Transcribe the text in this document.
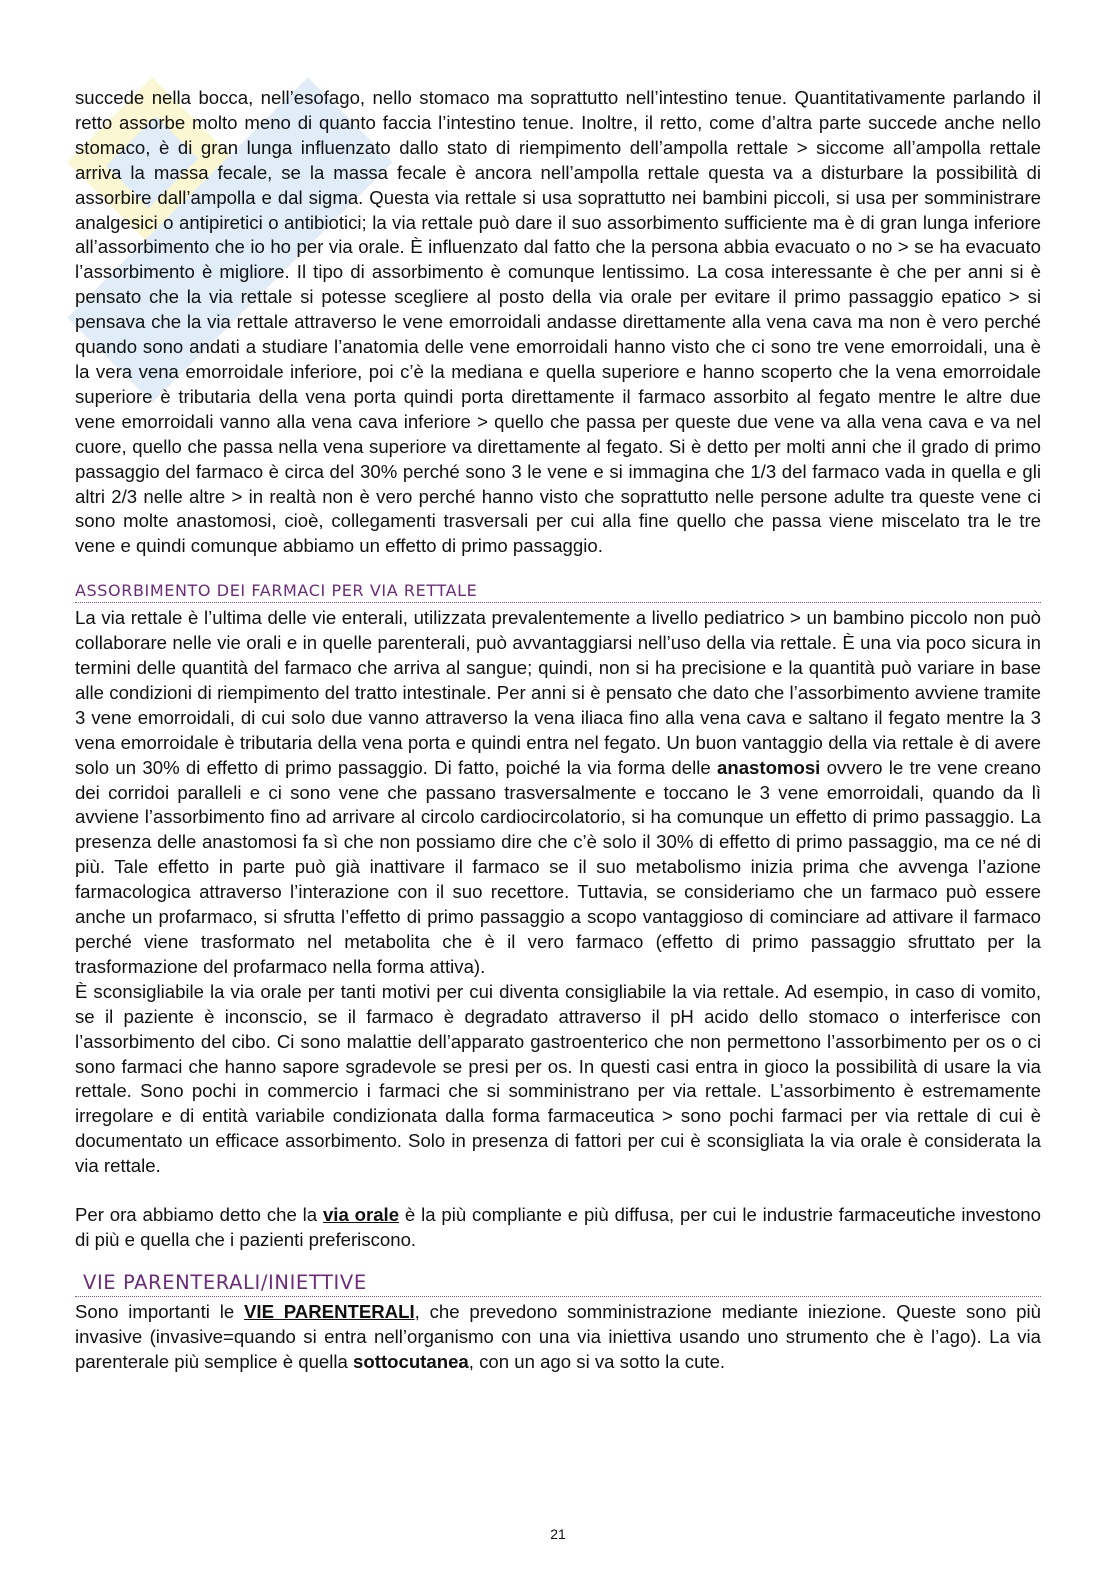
succede nella bocca, nell’esofago, nello stomaco ma soprattutto nell’intestino tenue. Quantitativamente parlando il retto assorbe molto meno di quanto faccia l’intestino tenue. Inoltre, il retto, come d’altra parte succede anche nello stomaco, è di gran lunga influenzato dallo stato di riempimento dell’ampolla rettale > siccome all’ampolla rettale arriva la massa fecale, se la massa fecale è ancora nell’ampolla rettale questa va a disturbare la possibilità di assorbire dall’ampolla e dal sigma. Questa via rettale si usa soprattutto nei bambini piccoli, si usa per somministrare analgesici o antipiretici o antibiotici; la via rettale può dare il suo assorbimento sufficiente ma è di gran lunga inferiore all’assorbimento che io ho per via orale. È influenzato dal fatto che la persona abbia evacuato o no > se ha evacuato l’assorbimento è migliore. Il tipo di assorbimento è comunque lentissimo. La cosa interessante è che per anni si è pensato che la via rettale si potesse scegliere al posto della via orale per evitare il primo passaggio epatico > si pensava che la via rettale attraverso le vene emorroidali andasse direttamente alla vena cava ma non è vero perché quando sono andati a studiare l’anatomia delle vene emorroidali hanno visto che ci sono tre vene emorroidali, una è la vera vena emorroidale inferiore, poi c’è la mediana e quella superiore e hanno scoperto che la vena emorroidale superiore è tributaria della vena porta quindi porta direttamente il farmaco assorbito al fegato mentre le altre due vene emorroidali vanno alla vena cava inferiore > quello che passa per queste due vene va alla vena cava e va nel cuore, quello che passa nella vena superiore va direttamente al fegato. Si è detto per molti anni che il grado di primo passaggio del farmaco è circa del 30% perché sono 3 le vene e si immagina che 1/3 del farmaco vada in quella e gli altri 2/3 nelle altre > in realtà non è vero perché hanno visto che soprattutto nelle persone adulte tra queste vene ci sono molte anastomosi, cioè, collegamenti trasversali per cui alla fine quello che passa viene miscelato tra le tre vene e quindi comunque abbiamo un effetto di primo passaggio.

ASSORBIMENTO DEI FARMACI PER VIA RETTALE

La via rettale è l’ultima delle vie enterali, utilizzata prevalentemente a livello pediatrico > un bambino piccolo non può collaborare nelle vie orali e in quelle parenterali, può avvantaggiarsi nell’uso della via rettale. È una via poco sicura in termini delle quantità del farmaco che arriva al sangue; quindi, non si ha precisione e la quantità può variare in base alle condizioni di riempimento del tratto intestinale. Per anni si è pensato che dato che l’assorbimento avviene tramite 3 vene emorroidali, di cui solo due vanno attraverso la vena iliaca fino alla vena cava e saltano il fegato mentre la 3 vena emorroidale è tributaria della vena porta e quindi entra nel fegato. Un buon vantaggio della via rettale è di avere solo un 30% di effetto di primo passaggio. Di fatto, poiché la via forma delle anastomosi ovvero le tre vene creano dei corridoi paralleli e ci sono vene che passano trasversalmente e toccano le 3 vene emorroidali, quando da lì avviene l’assorbimento fino ad arrivare al circolo cardiocircolatorio, si ha comunque un effetto di primo passaggio. La presenza delle anastomosi fa sì che non possiamo dire che c’è solo il 30% di effetto di primo passaggio, ma ce né di più. Tale effetto in parte può già inattivare il farmaco se il suo metabolismo inizia prima che avvenga l’azione farmacologica attraverso l’interazione con il suo recettore. Tuttavia, se consideriamo che un farmaco può essere anche un profarmaco, si sfrutta l’effetto di primo passaggio a scopo vantaggioso di cominciare ad attivare il farmaco perché viene trasformato nel metabolita che è il vero farmaco (effetto di primo passaggio sfruttato per la trasformazione del profarmaco nella forma attiva).

È sconsigliabile la via orale per tanti motivi per cui diventa consigliabile la via rettale. Ad esempio, in caso di vomito, se il paziente è inconscio, se il farmaco è degradato attraverso il pH acido dello stomaco o interferisce con l’assorbimento del cibo. Ci sono malattie dell’apparato gastroenterico che non permettono l’assorbimento per os o ci sono farmaci che hanno sapore sgradevole se presi per os. In questi casi entra in gioco la possibilità di usare la via rettale. Sono pochi in commercio i farmaci che si somministrano per via rettale. L’assorbimento è estremamente irregolare e di entità variabile condizionata dalla forma farmaceutica > sono pochi farmaci per via rettale di cui è documentato un efficace assorbimento. Solo in presenza di fattori per cui è sconsigliata la via orale è considerata la via rettale.

Per ora abbiamo detto che la via orale è la più compliante e più diffusa, per cui le industrie farmaceutiche investono di più e quella che i pazienti preferiscono.

VIE PARENTERALI/INIETTIVE

Sono importanti le VIE PARENTERALI, che prevedono somministrazione mediante iniezione. Queste sono più invasive (invasive=quando si entra nell’organismo con una via iniettiva usando uno strumento che è l’ago). La via parenterale più semplice è quella sottocutanea, con un ago si va sotto la cute.

21
